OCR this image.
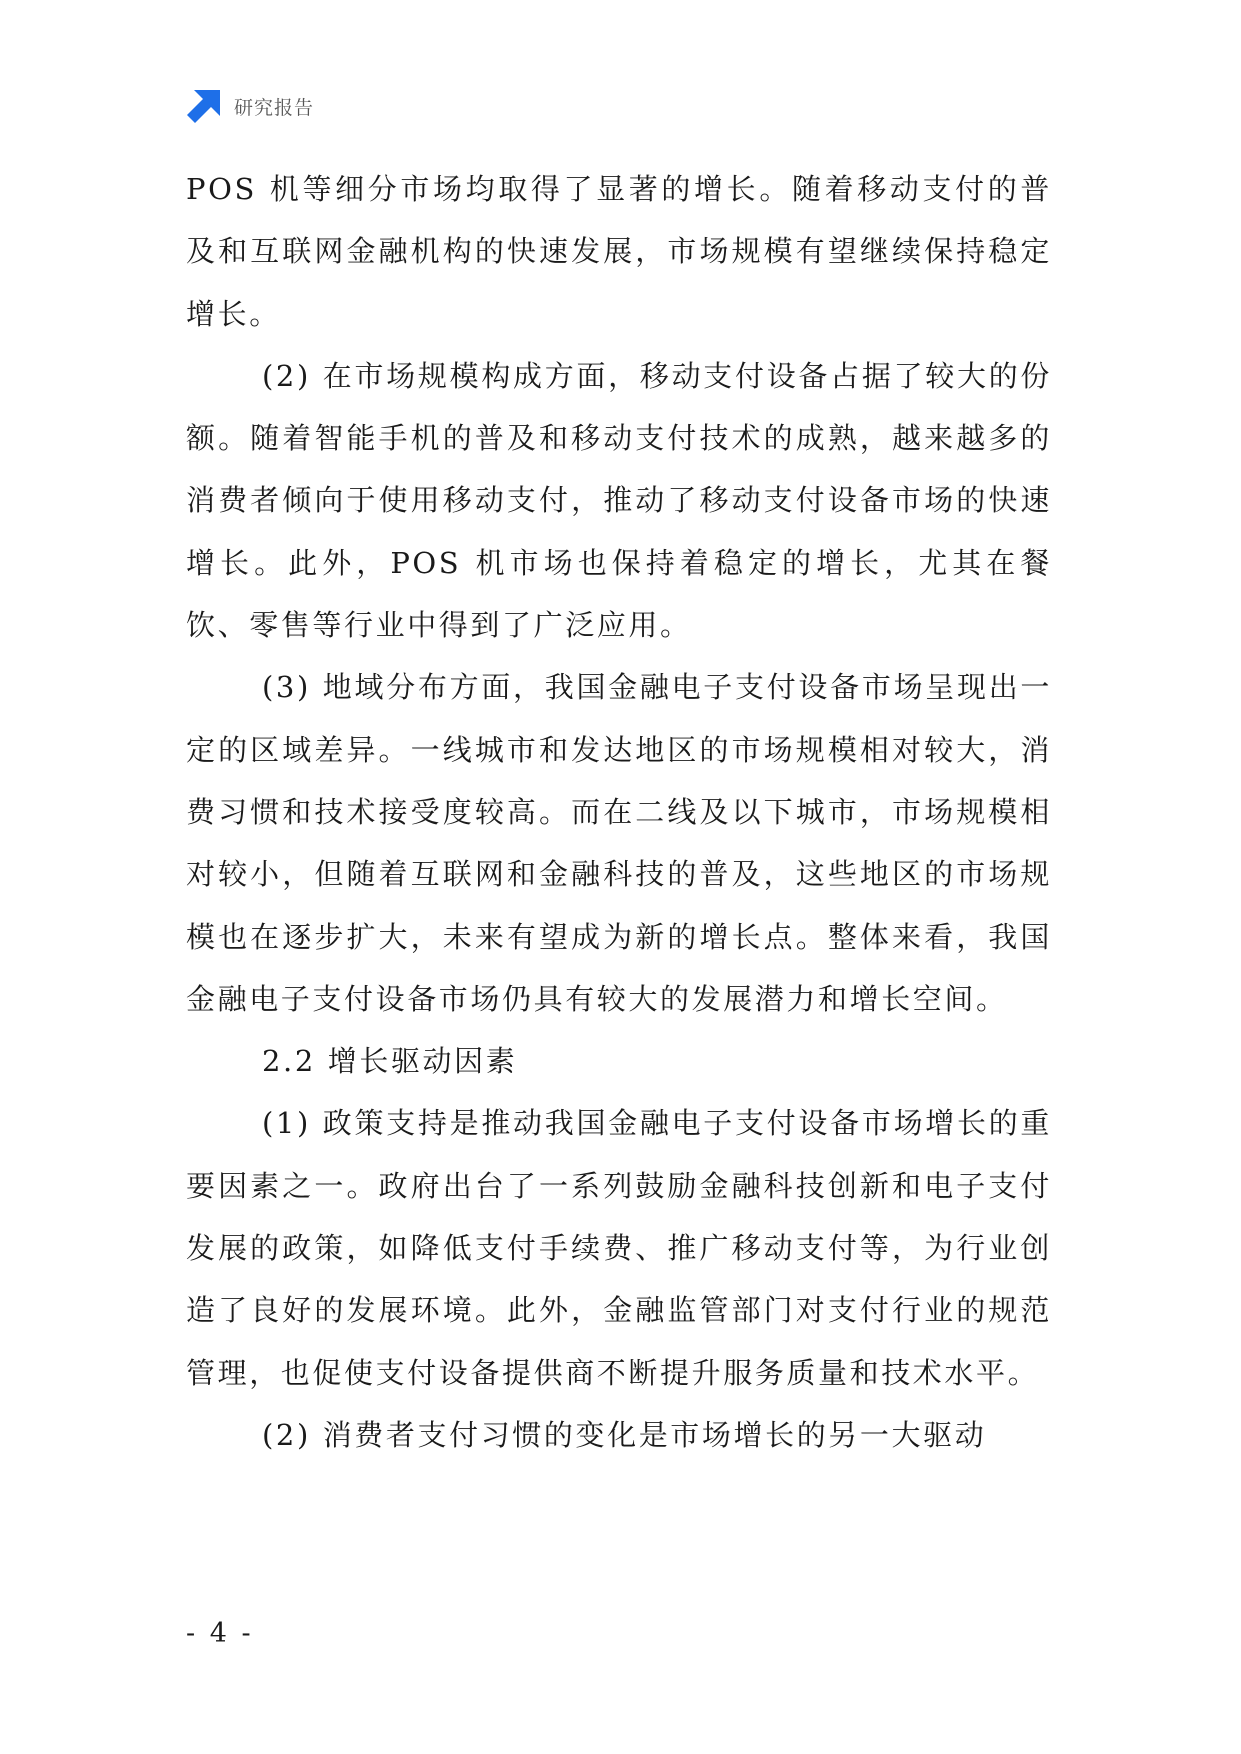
研究报告

POS 机等细分市场均取得了显著的增长。随着移动支付的普及和互联网金融机构的快速发展，市场规模有望继续保持稳定增长。

(2) 在市场规模构成方面，移动支付设备占据了较大的份额。随着智能手机的普及和移动支付技术的成熟，越来越多的消费者倾向于使用移动支付，推动了移动支付设备市场的快速增长。此外，POS 机市场也保持着稳定的增长，尤其在餐饮、零售等行业中得到了广泛应用。

(3) 地域分布方面，我国金融电子支付设备市场呈现出一定的区域差异。一线城市和发达地区的市场规模相对较大，消费习惯和技术接受度较高。而在二线及以下城市，市场规模相对较小，但随着互联网和金融科技的普及，这些地区的市场规模也在逐步扩大，未来有望成为新的增长点。整体来看，我国金融电子支付设备市场仍具有较大的发展潜力和增长空间。

2.2 增长驱动因素

(1) 政策支持是推动我国金融电子支付设备市场增长的重要因素之一。政府出台了一系列鼓励金融科技创新和电子支付发展的政策，如降低支付手续费、推广移动支付等，为行业创造了良好的发展环境。此外，金融监管部门对支付行业的规范管理，也促使支付设备提供商不断提升服务质量和技术水平。

(2) 消费者支付习惯的变化是市场增长的另一大驱动

- 4 -
